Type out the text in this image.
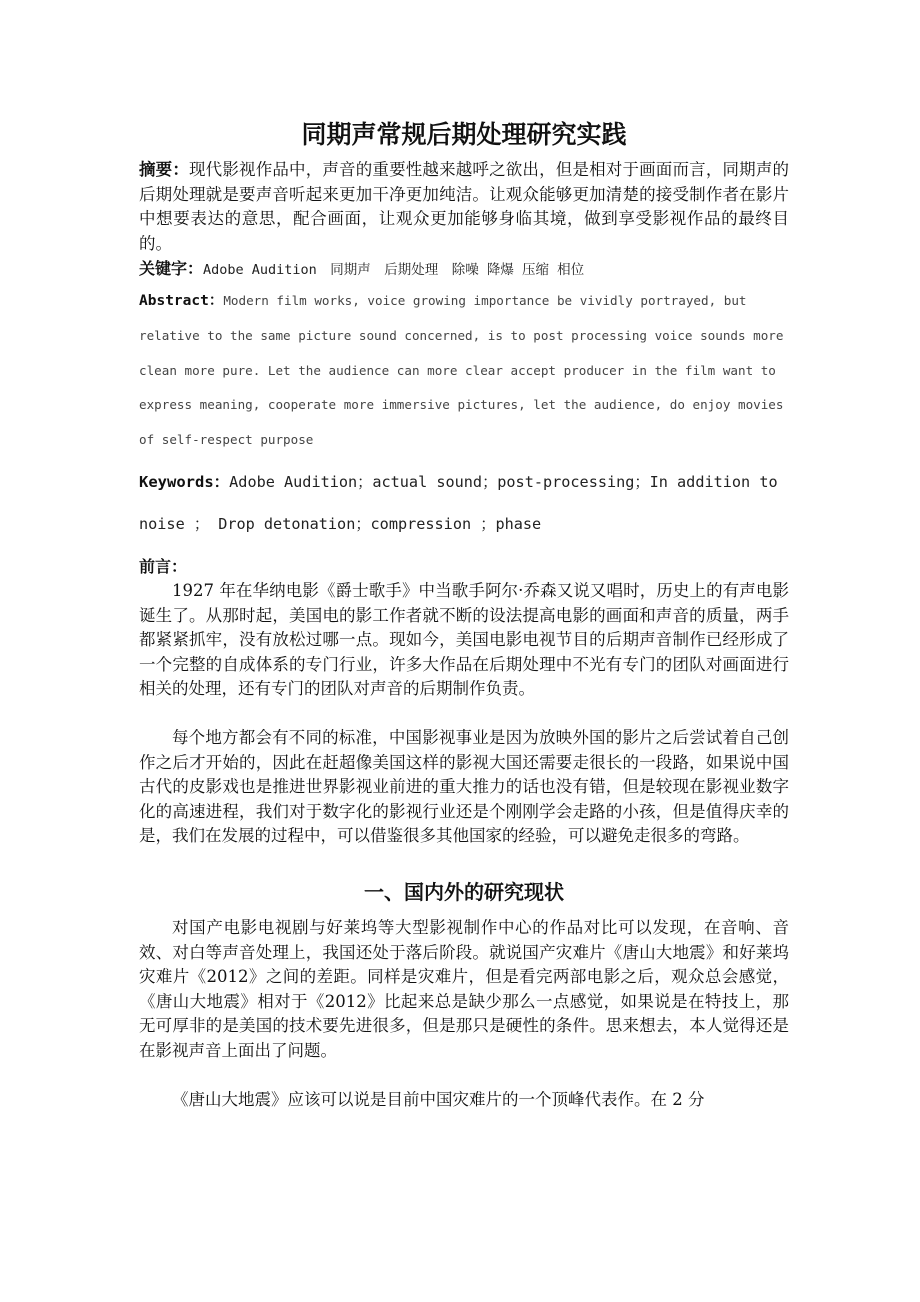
同期声常规后期处理研究实践

摘要：现代影视作品中，声音的重要性越来越呼之欲出，但是相对于画面而言，同期声的后期处理就是要声音听起来更加干净更加纯洁。让观众能够更加清楚的接受制作者在影片中想要表达的意思，配合画面，让观众更加能够身临其境，做到享受影视作品的最终目的。

关键字：Adobe Audition　同期声　后期处理　除噪 降爆 压缩 相位

Abstract：Modern film works, voice growing importance be vividly portrayed, but relative to the same picture sound concerned, is to post processing voice sounds more clean more pure. Let the audience can more clear accept producer in the film want to express meaning, cooperate more immersive pictures, let the audience, do enjoy movies of self-respect purpose

Keywords：Adobe Audition；actual sound；post-processing；In addition to noise ； Drop detonation；compression ；phase

前言：

1927 年在华纳电影《爵士歌手》中当歌手阿尔·乔森又说又唱时，历史上的有声电影诞生了。从那时起，美国电的影工作者就不断的设法提高电影的画面和声音的质量，两手都紧紧抓牢，没有放松过哪一点。现如今，美国电影电视节目的后期声音制作已经形成了一个完整的自成体系的专门行业，许多大作品在后期处理中不光有专门的团队对画面进行相关的处理，还有专门的团队对声音的后期制作负责。

每个地方都会有不同的标准，中国影视事业是因为放映外国的影片之后尝试着自己创作之后才开始的，因此在赶超像美国这样的影视大国还需要走很长的一段路，如果说中国古代的皮影戏也是推进世界影视业前进的重大推力的话也没有错，但是较现在影视业数字化的高速进程，我们对于数字化的影视行业还是个刚刚学会走路的小孩，但是值得庆幸的是，我们在发展的过程中，可以借鉴很多其他国家的经验，可以避免走很多的弯路。

一、国内外的研究现状

对国产电影电视剧与好莱坞等大型影视制作中心的作品对比可以发现，在音响、音效、对白等声音处理上，我国还处于落后阶段。就说国产灾难片《唐山大地震》和好莱坞灾难片《2012》之间的差距。同样是灾难片，但是看完两部电影之后，观众总会感觉，《唐山大地震》相对于《2012》比起来总是缺少那么一点感觉，如果说是在特技上，那无可厚非的是美国的技术要先进很多，但是那只是硬性的条件。思来想去，本人觉得还是在影视声音上面出了问题。

《唐山大地震》应该可以说是目前中国灾难片的一个顶峰代表作。在 2 分
